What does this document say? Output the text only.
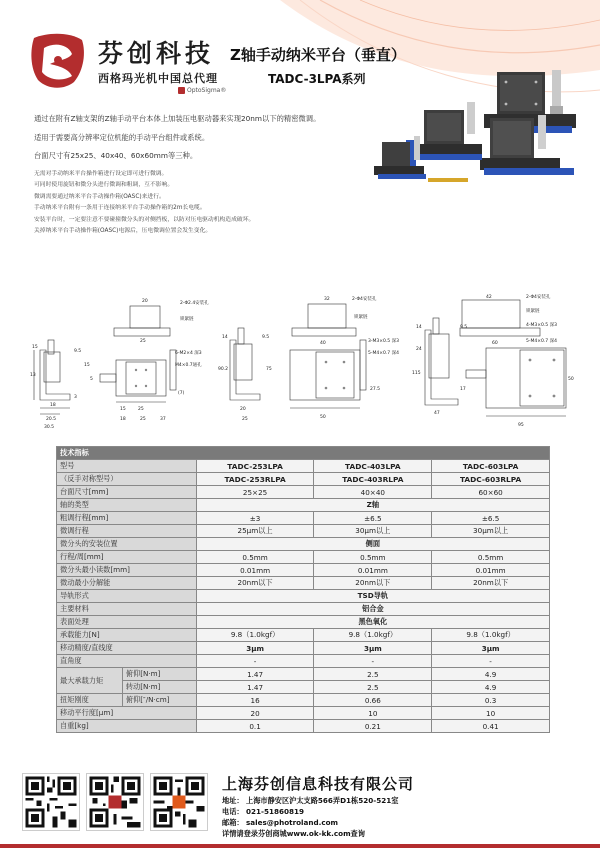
芬创科技
西格玛光机中国总代理
OptoSigma®
Z轴手动纳米平台（垂直）
TADC-3LPA系列

通过在附有Z轴支架的Z轴手动平台本体上加装压电驱动器来实现20nm以下的精密微调。

适用于需要高分辨率定位机能的手动平台组件或系统。

台面尺寸有25x25、40x40、60x60mm等三种。

无需对手动纳米平台操作箱进行设定即可进行微调。

可同时使用旋钮和微分头进行微调和粗调，互不影响。

微调需要通过纳米平台手动操作箱(OASC)来进行。

手动纳米平台附有一条用于连接纳米平台手动操作箱的2m长电缆。

安装平台时，一定要注意不要碰撞微分头的对侧挡板，以防对压电驱动机构造成破坏。

关掉纳米平台手动操作箱(OASC)电源后，压电微调位置会发生变化。

2-Φ2.4安装孔
锁紧链
6-M2×4 深3
M4×0.7通孔
20
25
15
13
3
18
20.5
30.5
15	25
(7)
9.5
15
5
18	25	37
2-Φ4安装孔
锁紧链
3-M3×0.5 深3
5-M4×0.7 深4
32
40
14	9.5
90.2	75
20
25	50
27.5
2-Φ4安装孔
锁紧链
4-M3×0.5 深3
5-M4×0.7 深4
42
60
14	9.5
24
115
17
47
95
50
技术指标				
型号		TADC-253LPA	TADC-403LPA	TADC-603LPA
（反手对称型号）		TADC-253RLPA	TADC-403RLPA	TADC-603RLPA
台面尺寸[mm]		25×25	40×40	60×60
轴的类型		Z轴		
粗调行程[mm]		±3	±6.5	±6.5
微调行程		25μm以上	30μm以上	30μm以上
微分头的安装位置		侧面		
行程/周[mm]		0.5mm	0.5mm	0.5mm
微分头最小读数[mm]		0.01mm	0.01mm	0.01mm
微动最小分解能		20nm以下	20nm以下	20nm以下
导轨形式		TSD导轨		
主要材料		铝合金		
表面处理		黑色氧化		
承载能力[N]		9.8（1.0kgf）	9.8（1.0kgf）	9.8（1.0kgf）
移动精度/直线度		3μm	3μm	3μm
直角度		-	-	-
最大承载力矩	俯仰[N·m]	1.47	2.5	4.9
	转动[N·m]	1.47	2.5	4.9
扭矩刚度	俯仰[″/N·cm]	16	0.66	0.3
移动平行度[μm]		20	10	10
自重[kg]		0.1	0.21	0.41
上海芬创信息科技有限公司
地址： 上海市静安区沪太支路566弄D1栋520-521室
电话： 021-51860819
邮箱： sales@photroland.com
详情请登录芬创商城www.ok-kk.com查询
